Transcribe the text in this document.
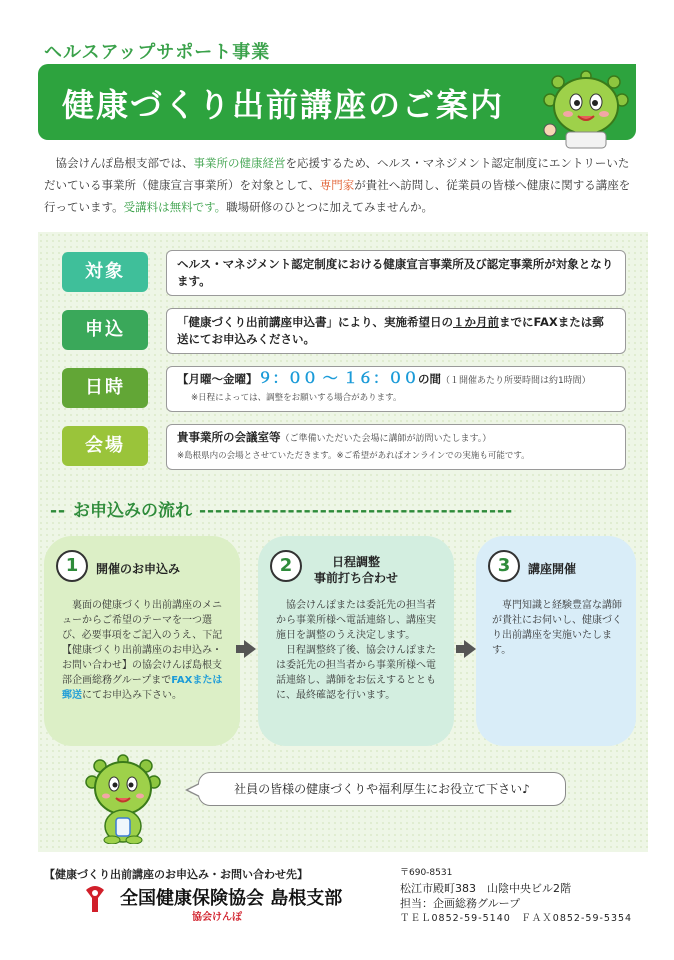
ヘルスアップサポート事業
健康づくり出前講座のご案内
　協会けんぽ島根支部では、事業所の健康経営を応援するため、ヘルス・マネジメント認定制度にエントリーいただいている事業所（健康宣言事業所）を対象として、専門家が貴社へ訪問し、従業員の皆様へ健康に関する講座を行っています。受講料は無料です。職場研修のひとつに加えてみませんか。
対象	ヘルス・マネジメント認定制度における健康宣言事業所及び認定事業所が対象となります。
申込	「健康づくり出前講座申込書」により、実施希望日の１か月前までにFAXまたは郵送にてお申込みください。
日時	【月曜～金曜】９：００ ～ １６：００の間（１開催あたり所要時間は約1時間）
※日程によっては、調整をお願いする場合があります。
会場	貴事業所の会議室等（ご準備いただいた会場に講師が訪問いたします。）
※島根県内の会場とさせていただきます。※ご希望があればオンラインでの実施も可能です。
-- お申込みの流れ ---------------------------------------
1	開催のお申込み
　裏面の健康づくり出前講座のメニューからご希望のテーマを一つ選び、必要事項をご記入のうえ、下記【健康づくり出前講座のお申込み・お問い合わせ】の協会けんぽ島根支部企画総務グループまでFAXまたは郵送にてお申込み下さい。
2	日程調整
事前打ち合わせ
　協会けんぽまたは委託先の担当者から事業所様へ電話連絡し、講座実施日を調整のうえ決定します。
　日程調整終了後、協会けんぽまたは委託先の担当者から事業所様へ電話連絡し、講師をお伝えするとともに、最終確認を行います。
3	講座開催
　専門知識と経験豊富な講師が貴社にお伺いし、健康づくり出前講座を実施いたします。
社員の皆様の健康づくりや福利厚生にお役立て下さい♪
【健康づくり出前講座のお申込み・お問い合わせ先】
全国健康保険協会 島根支部
協会けんぽ
〒690-8531
松江市殿町383　山陰中央ビル2階
担当：企画総務グループ
ＴＥＬ0852-59-5140　ＦＡＸ0852-59-5354
